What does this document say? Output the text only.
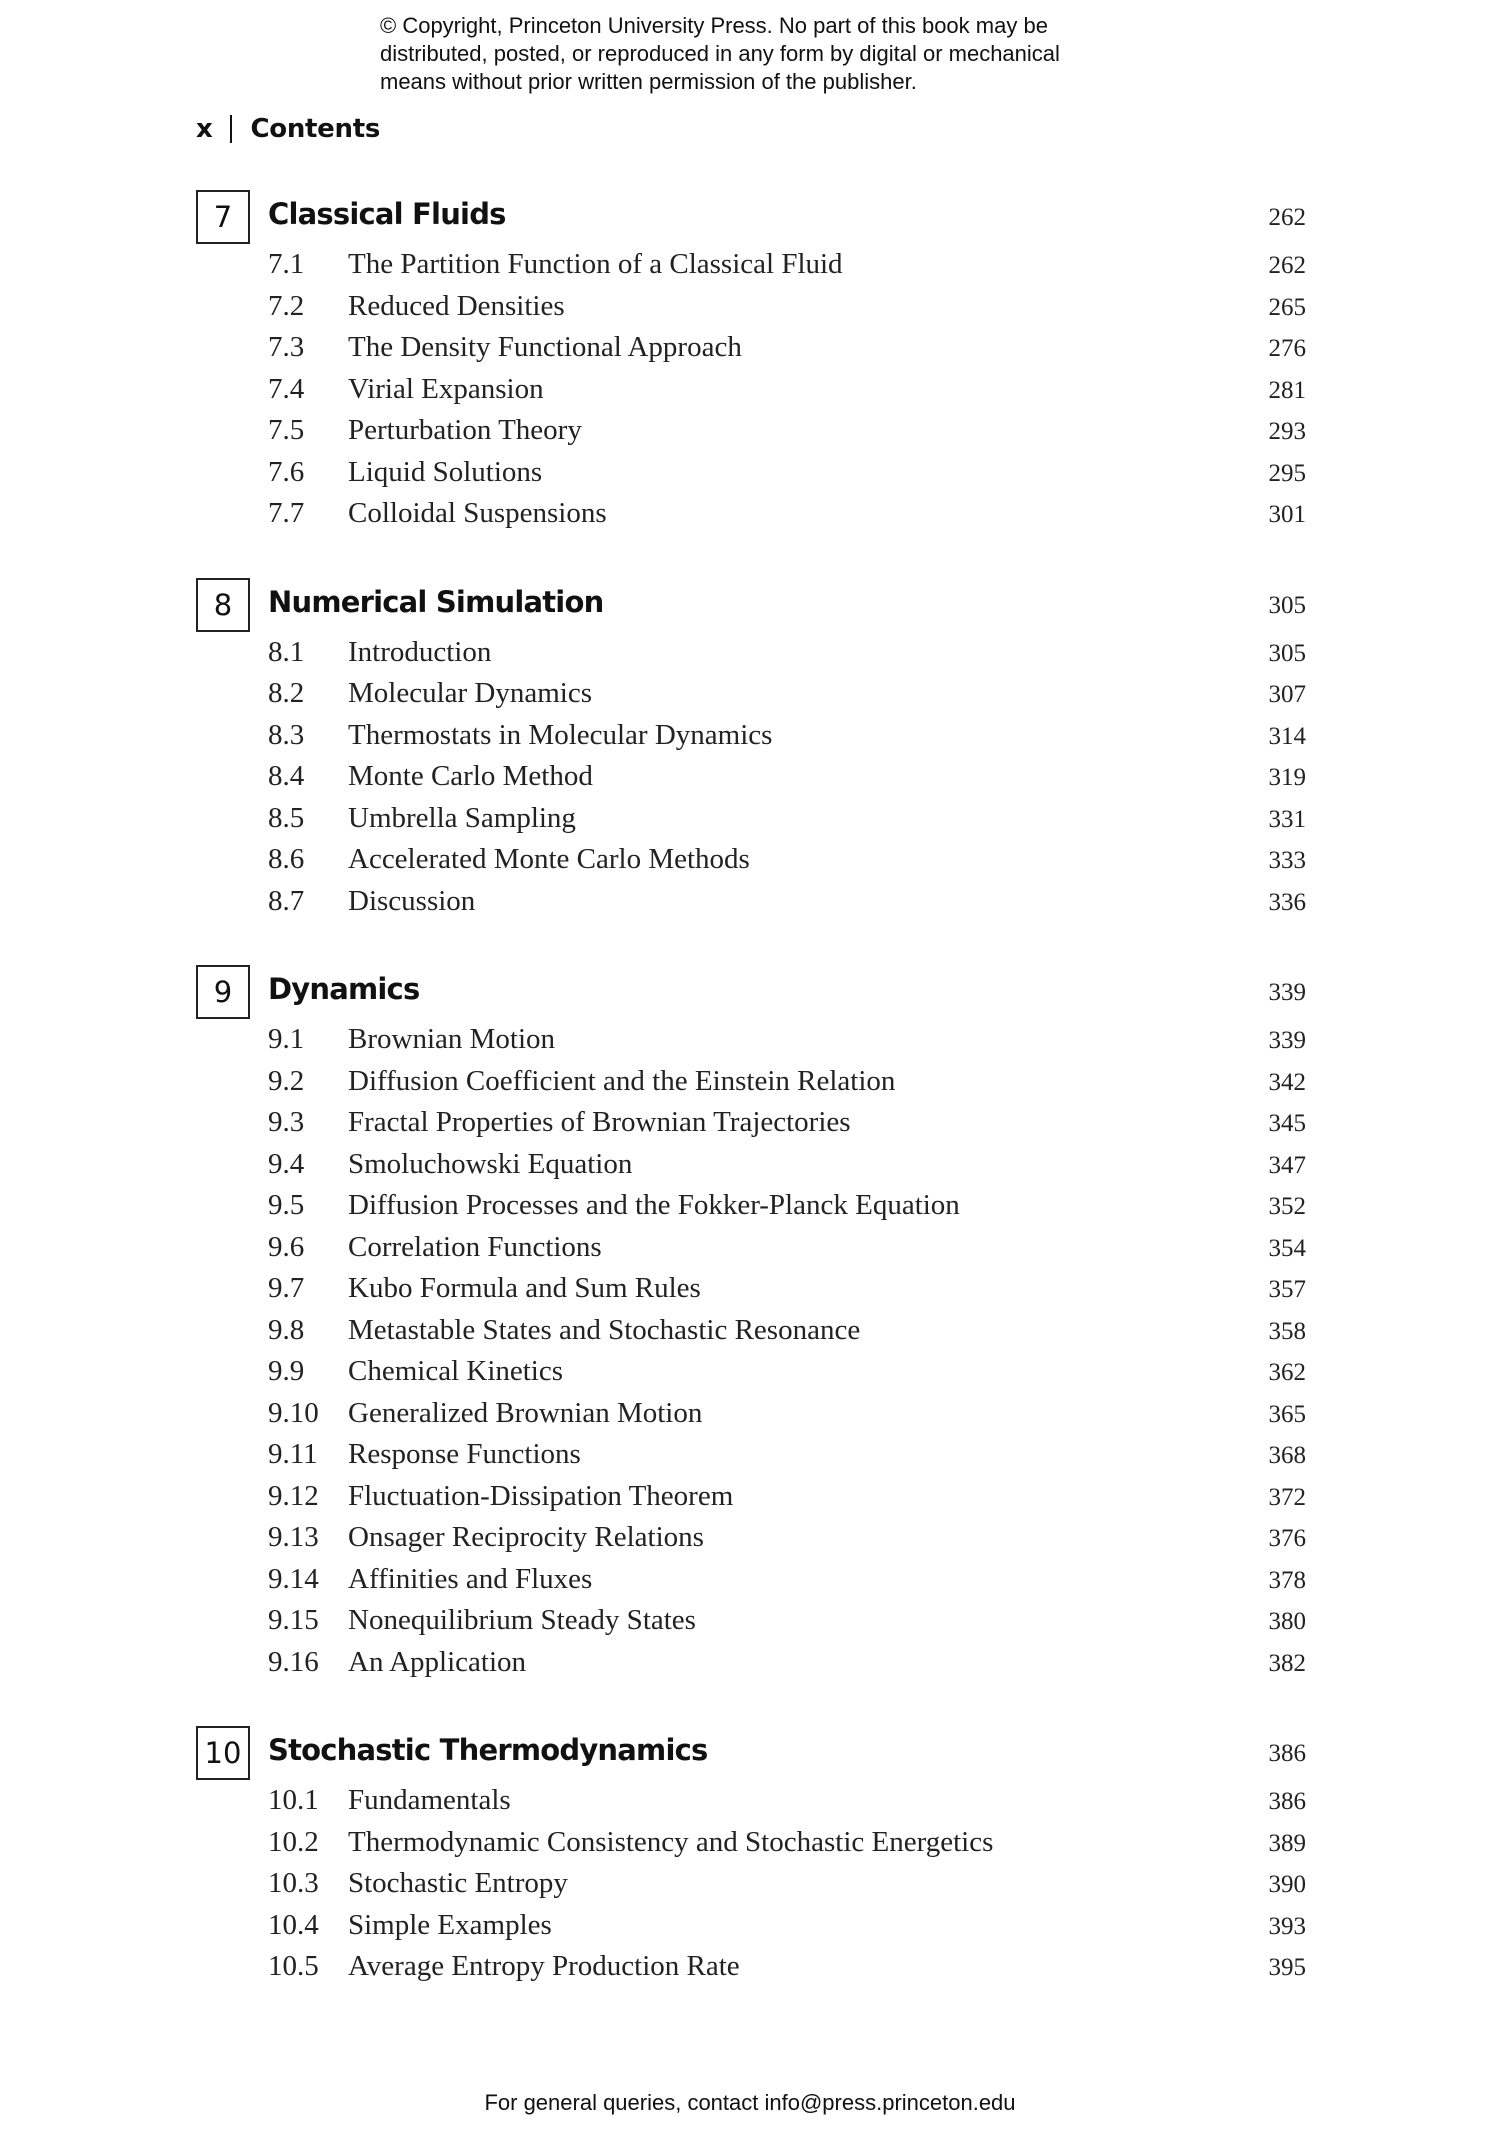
© Copyright, Princeton University Press. No part of this book may be
distributed, posted, or reproduced in any form by digital or mechanical
means without prior written permission of the publisher.
x Contents
7	Classical Fluids	262
7.1 The Partition Function of a Classical Fluid	262
7.2 Reduced Densities	265
7.3 The Density Functional Approach	276
7.4 Virial Expansion	281
7.5 Perturbation Theory	293
7.6 Liquid Solutions	295
7.7 Colloidal Suspensions	301
8	Numerical Simulation	305
8.1 Introduction	305
8.2 Molecular Dynamics	307
8.3 Thermostats in Molecular Dynamics	314
8.4 Monte Carlo Method	319
8.5 Umbrella Sampling	331
8.6 Accelerated Monte Carlo Methods	333
8.7 Discussion	336
9	Dynamics	339
9.1 Brownian Motion	339
9.2 Diffusion Coefficient and the Einstein Relation	342
9.3 Fractal Properties of Brownian Trajectories	345
9.4 Smoluchowski Equation	347
9.5 Diffusion Processes and the Fokker-Planck Equation	352
9.6 Correlation Functions	354
9.7 Kubo Formula and Sum Rules	357
9.8 Metastable States and Stochastic Resonance	358
9.9 Chemical Kinetics	362
9.10 Generalized Brownian Motion	365
9.11 Response Functions	368
9.12 Fluctuation-Dissipation Theorem	372
9.13 Onsager Reciprocity Relations	376
9.14 Affinities and Fluxes	378
9.15 Nonequilibrium Steady States	380
9.16 An Application	382
10 Stochastic Thermodynamics	386
10.1 Fundamentals	386
10.2 Thermodynamic Consistency and Stochastic Energetics	389
10.3 Stochastic Entropy	390
10.4 Simple Examples	393
10.5 Average Entropy Production Rate	395
For general queries, contact info@press.princeton.edu
